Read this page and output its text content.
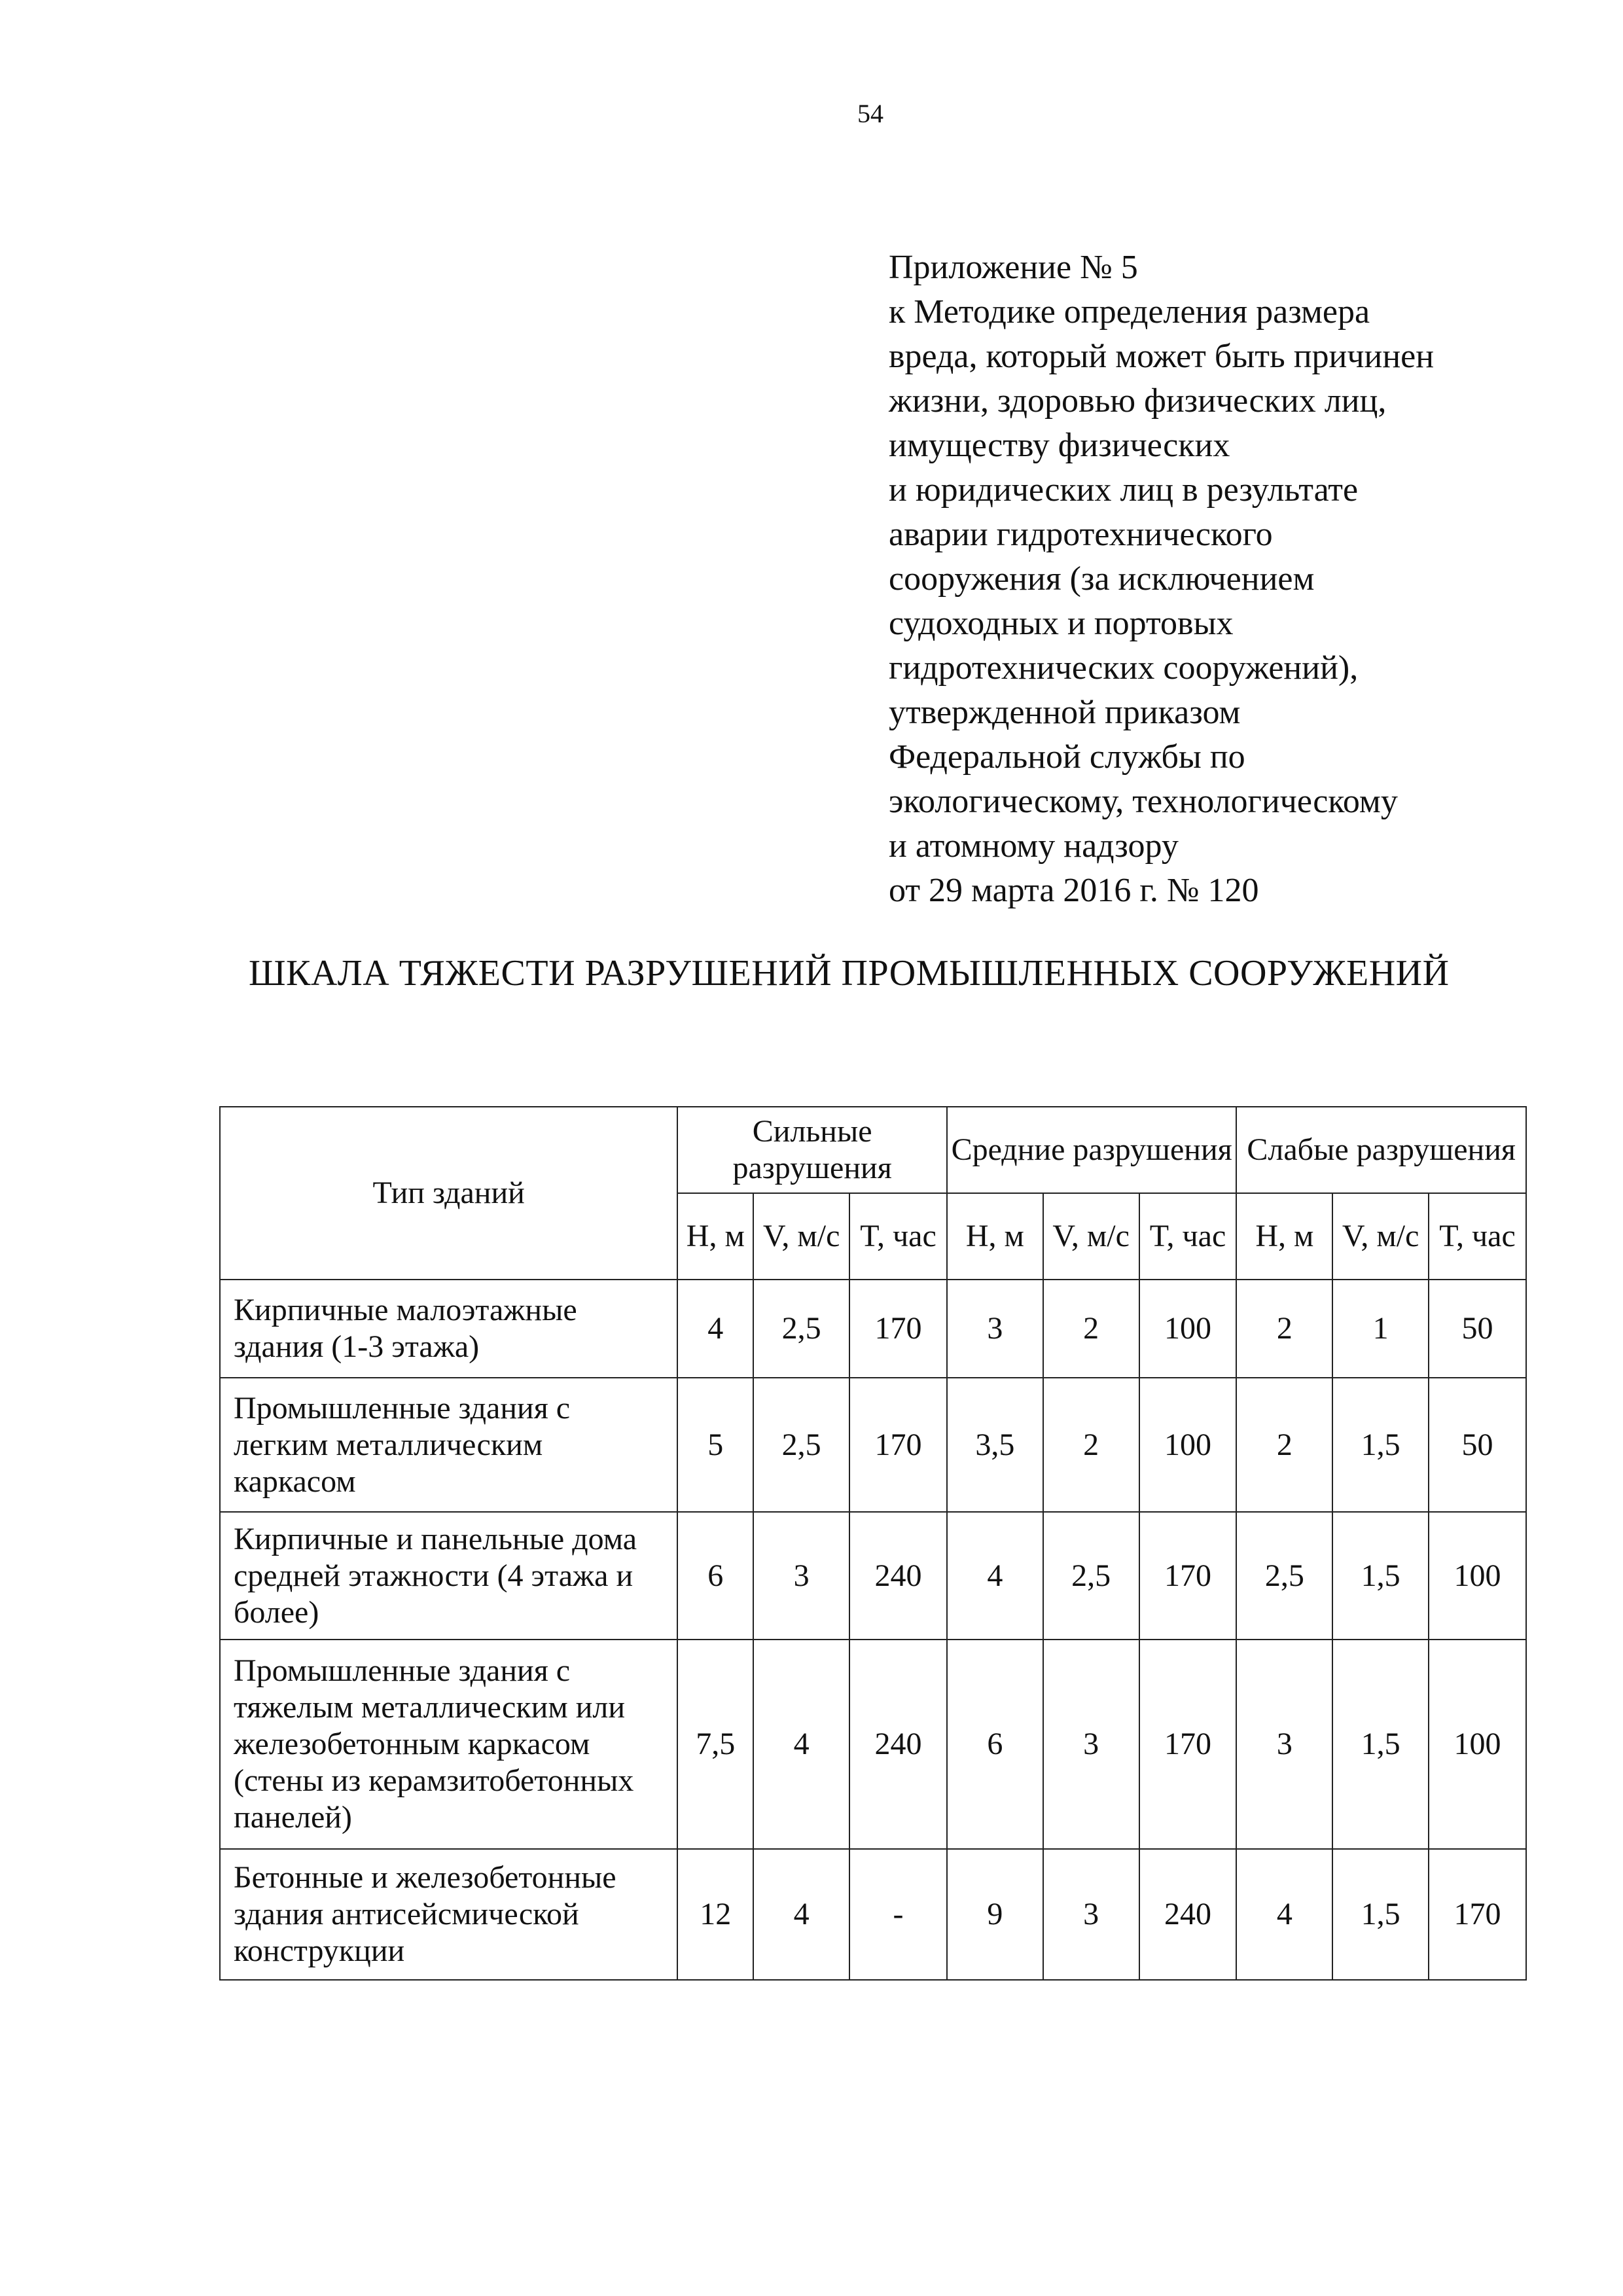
54
Приложение № 5
к Методике определения размера
вреда, который может быть причинен
жизни, здоровью физических лиц,
имуществу физических
и юридических лиц в результате
аварии гидротехнического
сооружения (за исключением
судоходных и портовых
гидротехнических сооружений),
утвержденной приказом
Федеральной службы по
экологическому, технологическому
и атомному надзору
от 29 марта 2016 г. № 120
ШКАЛА ТЯЖЕСТИ РАЗРУШЕНИЙ ПРОМЫШЛЕННЫХ СООРУЖЕНИЙ
Тип зданий	Сильные разрушения			Средние разрушения			Слабые разрушения		
	H, м	V, м/с	T, час	H, м	V, м/с	T, час	H, м	V, м/с	T, час
Кирпичные малоэтажные здания (1-3 этажа)	4	2,5	170	3	2	100	2	1	50
Промышленные здания с легким металлическим каркасом	5	2,5	170	3,5	2	100	2	1,5	50
Кирпичные и панельные дома средней этажности (4 этажа и более)	6	3	240	4	2,5	170	2,5	1,5	100
Промышленные здания с тяжелым металлическим или железобетонным каркасом (стены из керамзитобетонных панелей)	7,5	4	240	6	3	170	3	1,5	100
Бетонные и железобетонные здания антисейсмической конструкции	12	4	-	9	3	240	4	1,5	170
